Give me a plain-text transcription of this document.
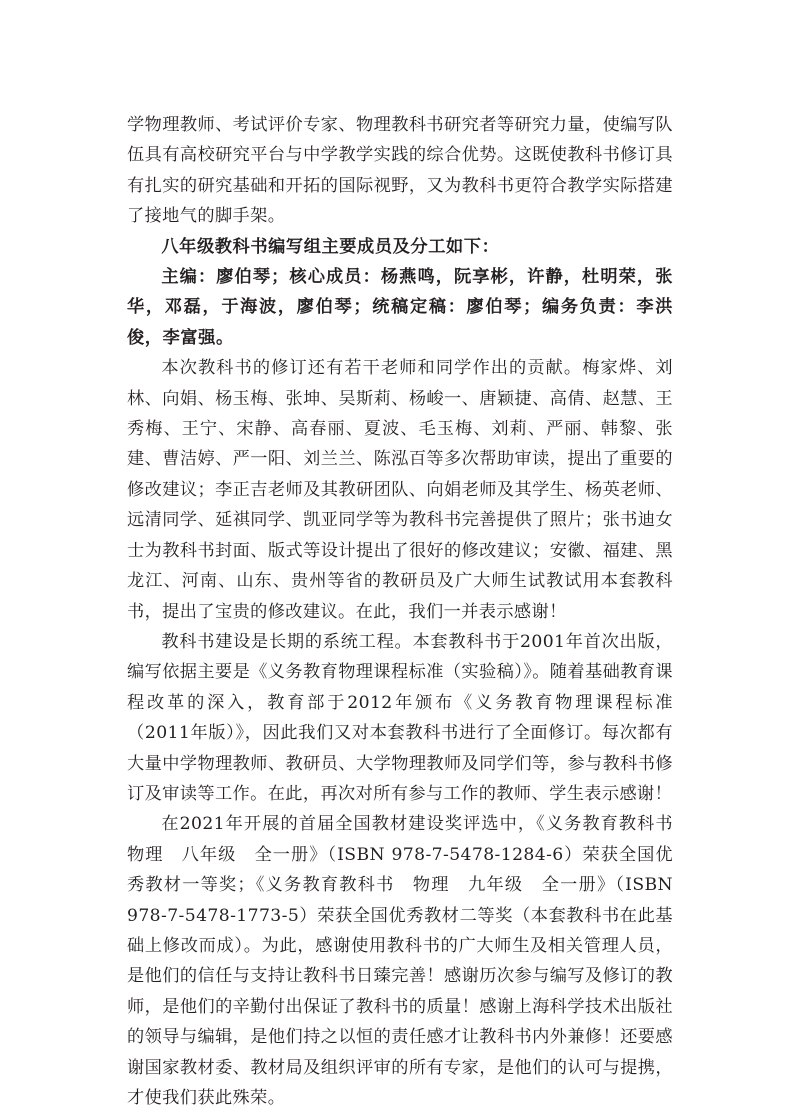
学物理教师、考试评价专家、物理教科书研究者等研究力量，使编写队伍具有高校研究平台与中学教学实践的综合优势。这既使教科书修订具有扎实的研究基础和开拓的国际视野，又为教科书更符合教学实际搭建了接地气的脚手架。

八年级教科书编写组主要成员及分工如下：

主编：廖伯琴；核心成员：杨燕鸣，阮享彬，许静，杜明荣，张华，邓磊，于海波，廖伯琴；统稿定稿：廖伯琴；编务负责：李洪俊，李富强。

本次教科书的修订还有若干老师和同学作出的贡献。梅家烨、刘林、向娟、杨玉梅、张坤、吴斯莉、杨峻一、唐颖捷、高倩、赵慧、王秀梅、王宁、宋静、高春丽、夏波、毛玉梅、刘莉、严丽、韩黎、张建、曹洁婷、严一阳、刘兰兰、陈泓百等多次帮助审读，提出了重要的修改建议；李正吉老师及其教研团队、向娟老师及其学生、杨英老师、远清同学、延祺同学、凯亚同学等为教科书完善提供了照片；张书迪女士为教科书封面、版式等设计提出了很好的修改建议；安徽、福建、黑龙江、河南、山东、贵州等省的教研员及广大师生试教试用本套教科书，提出了宝贵的修改建议。在此，我们一并表示感谢！

教科书建设是长期的系统工程。本套教科书于2001年首次出版，编写依据主要是《义务教育物理课程标准（实验稿）》。随着基础教育课程改革的深入，教育部于2012年颁布《义务教育物理课程标准（2011年版）》，因此我们又对本套教科书进行了全面修订。每次都有大量中学物理教师、教研员、大学物理教师及同学们等，参与教科书修订及审读等工作。在此，再次对所有参与工作的教师、学生表示感谢！

在2021年开展的首届全国教材建设奖评选中，《义务教育教科书　物理　八年级　全一册》（ISBN 978-7-5478-1284-6）荣获全国优秀教材一等奖；《义务教育教科书　物理　九年级　全一册》（ISBN 978-7-5478-1773-5）荣获全国优秀教材二等奖（本套教科书在此基础上修改而成）。为此，感谢使用教科书的广大师生及相关管理人员，是他们的信任与支持让教科书日臻完善！感谢历次参与编写及修订的教师，是他们的辛勤付出保证了教科书的质量！感谢上海科学技术出版社的领导与编辑，是他们持之以恒的责任感才让教科书内外兼修！还要感谢国家教材委、教材局及组织评审的所有专家，是他们的认可与提携，才使我们获此殊荣。
